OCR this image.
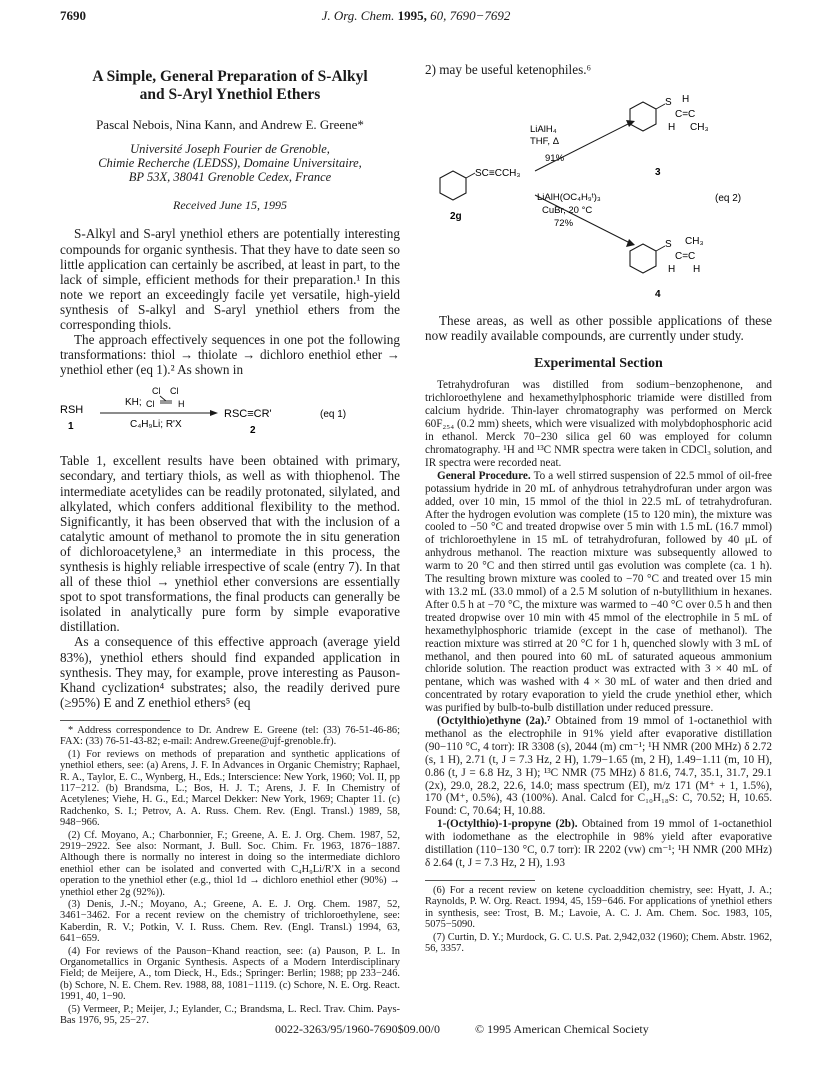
7690	J. Org. Chem. 1995, 60, 7690−7692
A Simple, General Preparation of S-Alkyl
and S-Aryl Ynethiol Ethers
Pascal Nebois, Nina Kann, and Andrew E. Greene*
Université Joseph Fourier de Grenoble,
Chimie Recherche (LEDSS), Domaine Universitaire,
BP 53X, 38041 Grenoble Cedex, France
Received June 15, 1995

S-Alkyl and S-aryl ynethiol ethers are potentially interesting compounds for organic synthesis. That they have to date seen so little application can certainly be ascribed, at least in part, to the lack of simple, efficient methods for their preparation.¹ In this note we report an exceedingly facile yet versatile, high-yield synthesis of S-alkyl and S-aryl ynethiol ethers from the corresponding thiols.

The approach effectively sequences in one pot the following transformations: thiol → thiolate → dichloro enethiol ether → ynethiol ether (eq 1).² As shown in

RSH
1
KH;
Cl Cl
Cl	H
C₄H₉Li; R'X
RSC≡CR'
2
(eq 1)

Table 1, excellent results have been obtained with primary, secondary, and tertiary thiols, as well as with thiophenol. The intermediate acetylides can be readily protonated, silylated, and alkylated, which confers additional flexibility to the method. Significantly, it has been observed that with the inclusion of a catalytic amount of methanol to promote the in situ generation of dichloroacetylene,³ an intermediate in this process, the synthesis is highly reliable irrespective of scale (entry 7). In that all of these thiol → ynethiol ether conversions are essentially spot to spot transformations, the final products can generally be isolated in analytically pure form by simple evaporative distillation.

As a consequence of this effective approach (average yield 83%), ynethiol ethers should find expanded application in synthesis. They may, for example, prove interesting as Pauson-Khand cyclization⁴ substrates; also, the readily derived pure (≥95%) E and Z enethiol ethers⁵ (eq

* Address correspondence to Dr. Andrew E. Greene (tel: (33) 76-51-46-86; FAX: (33) 76-51-43-82; e-mail: Andrew.Greene@ujf-grenoble.fr).

(1) For reviews on methods of preparation and synthetic applications of ynethiol ethers, see: (a) Arens, J. F. In Advances in Organic Chemistry; Raphael, R. A., Taylor, E. C., Wynberg, H., Eds.; Interscience: New York, 1960; Vol. II, pp 117−212. (b) Brandsma, L.; Bos, H. J. T.; Arens, J. F. In Chemistry of Acetylenes; Viehe, H. G., Ed.; Marcel Dekker: New York, 1969; Chapter 11. (c) Radchenko, S. I.; Petrov, A. A. Russ. Chem. Rev. (Engl. Transl.) 1989, 58, 948−966.

(2) Cf. Moyano, A.; Charbonnier, F.; Greene, A. E. J. Org. Chem. 1987, 52, 2919−2922. See also: Normant, J. Bull. Soc. Chim. Fr. 1963, 1876−1887. Although there is normally no interest in doing so the intermediate dichloro enethiol ether can be isolated and converted with C₄H₉Li/R'X in a second operation to the ynethiol ether (e.g., thiol 1d → dichloro enethiol ether (90%) → ynethiol ether 2g (92%)).

(3) Denis, J.-N.; Moyano, A.; Greene, A. E. J. Org. Chem. 1987, 52, 3461−3462. For a recent review on the chemistry of trichloroethylene, see: Kaberdin, R. V.; Potkin, V. I. Russ. Chem. Rev. (Engl. Transl.) 1994, 63, 641−659.

(4) For reviews of the Pauson−Khand reaction, see: (a) Pauson, P. L. In Organometallics in Organic Synthesis. Aspects of a Modern Interdisciplinary Field; de Meijere, A., tom Dieck, H., Eds.; Springer: Berlin; 1988; pp 233−246. (b) Schore, N. E. Chem. Rev. 1988, 88, 1081−1119. (c) Schore, N. E. Org. React. 1991, 40, 1−90.

(5) Vermeer, P.; Meijer, J.; Eylander, C.; Brandsma, L. Recl. Trav. Chim. Pays-Bas 1976, 95, 25−27.

2) may be useful ketenophiles.⁶

SC≡CCH₃
2g
LiAlH₄
THF, Δ
91%
S
C=C
H
H CH₃
3
LiAlH(OC₄H₉ᵗ)₃
CuBr, 20 °C
72%
(eq 2)
S
C=C
CH₃
H H
4

These areas, as well as other possible applications of these now readily available compounds, are currently under study.

Experimental Section

Tetrahydrofuran was distilled from sodium−benzophenone, and trichloroethylene and hexamethylphosphoric triamide were distilled from calcium hydride. Thin-layer chromatography was performed on Merck 60F₂₅₄ (0.2 mm) sheets, which were visualized with molybdophosphoric acid in ethanol. Merck 70−230 silica gel 60 was employed for column chromatography. ¹H and ¹³C NMR spectra were taken in CDCl₃ solution, and IR spectra were recorded neat.

General Procedure. To a well stirred suspension of 22.5 mmol of oil-free potassium hydride in 20 mL of anhydrous tetrahydrofuran under argon was added, over 10 min, 15 mmol of the thiol in 22.5 mL of tetrahydrofuran. After the hydrogen evolution was complete (15 to 120 min), the mixture was cooled to −50 °C and treated dropwise over 5 min with 1.5 mL (16.7 mmol) of trichloroethylene in 15 mL of tetrahydrofuran, followed by 40 μL of anhydrous methanol. The reaction mixture was subsequently allowed to warm to 20 °C and then stirred until gas evolution was complete (ca. 1 h). The resulting brown mixture was cooled to −70 °C and treated over 15 min with 13.2 mL (33.0 mmol) of a 2.5 M solution of n-butyllithium in hexanes. After 0.5 h at −70 °C, the mixture was warmed to −40 °C over 0.5 h and then treated dropwise over 10 min with 45 mmol of the electrophile in 5 mL of hexamethylphosphoric triamide (except in the case of methanol). The reaction mixture was stirred at 20 °C for 1 h, quenched slowly with 3 mL of methanol, and then poured into 60 mL of saturated aqueous ammonium chloride solution. The reaction product was extracted with 3 × 40 mL of pentane, which was washed with 4 × 30 mL of water and then dried and concentrated by rotary evaporation to yield the crude ynethiol ether, which was purified by bulb-to-bulb distillation under reduced pressure.

(Octylthio)ethyne (2a).⁷ Obtained from 19 mmol of 1-octanethiol with methanol as the electrophile in 91% yield after evaporative distillation (90−110 °C, 4 torr): IR 3308 (s), 2044 (m) cm⁻¹; ¹H NMR (200 MHz) δ 2.72 (s, 1 H), 2.71 (t, J = 7.3 Hz, 2 H), 1.79−1.65 (m, 2 H), 1.49−1.11 (m, 10 H), 0.86 (t, J = 6.8 Hz, 3 H); ¹³C NMR (75 MHz) δ 81.6, 74.7, 35.1, 31.7, 29.1 (2x), 29.0, 28.2, 22.6, 14.0; mass spectrum (EI), m/z 171 (M⁺ + 1, 1.5%), 170 (M⁺, 0.5%), 43 (100%). Anal. Calcd for C₁₀H₁₈S: C, 70.52; H, 10.65. Found: C, 70.64; H, 10.88.

1-(Octylthio)-1-propyne (2b). Obtained from 19 mmol of 1-octanethiol with iodomethane as the electrophile in 98% yield after evaporative distillation (110−130 °C, 0.7 torr): IR 2202 (vw) cm⁻¹; ¹H NMR (200 MHz) δ 2.64 (t, J = 7.3 Hz, 2 H), 1.93

(6) For a recent review on ketene cycloaddition chemistry, see: Hyatt, J. A.; Raynolds, P. W. Org. React. 1994, 45, 159−646. For applications of ynethiol ethers in synthesis, see: Trost, B. M.; Lavoie, A. C. J. Am. Chem. Soc. 1983, 105, 5075−5090.

(7) Curtin, D. Y.; Murdock, G. C. U.S. Pat. 2,942,032 (1960); Chem. Abstr. 1962, 56, 3357.

0022-3263/95/1960-7690$09.00/0	© 1995 American Chemical Society
